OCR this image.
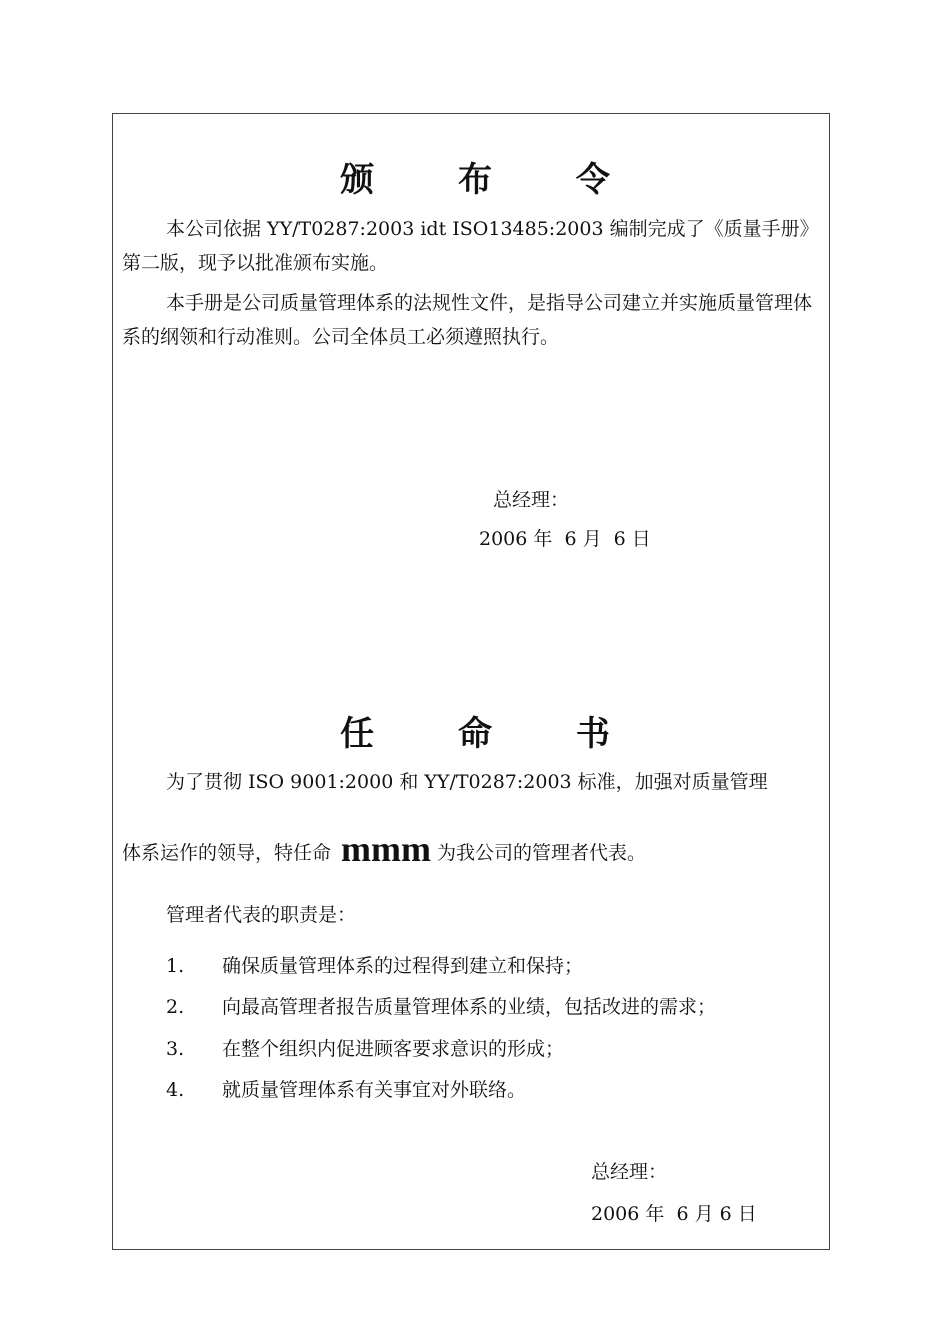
颁 布 令
本公司依据 YY/T0287:2003 idt ISO13485:2003 编制完成了《质量手册》第二版，现予以批准颁布实施。
本手册是公司质量管理体系的法规性文件，是指导公司建立并实施质量管理体系的纲领和行动准则。公司全体员工必须遵照执行。
总经理：
2006 年  6 月  6 日
任 命 书
为了贯彻 ISO 9001:2000 和 YY/T0287:2003 标准，加强对质量管理
体系运作的领导，特任命 mmm 为我公司的管理者代表。
管理者代表的职责是：
1. 确保质量管理体系的过程得到建立和保持；
2. 向最高管理者报告质量管理体系的业绩，包括改进的需求；
3. 在整个组织内促进顾客要求意识的形成；
4. 就质量管理体系有关事宜对外联络。
总经理：
2006 年  6 月 6 日
